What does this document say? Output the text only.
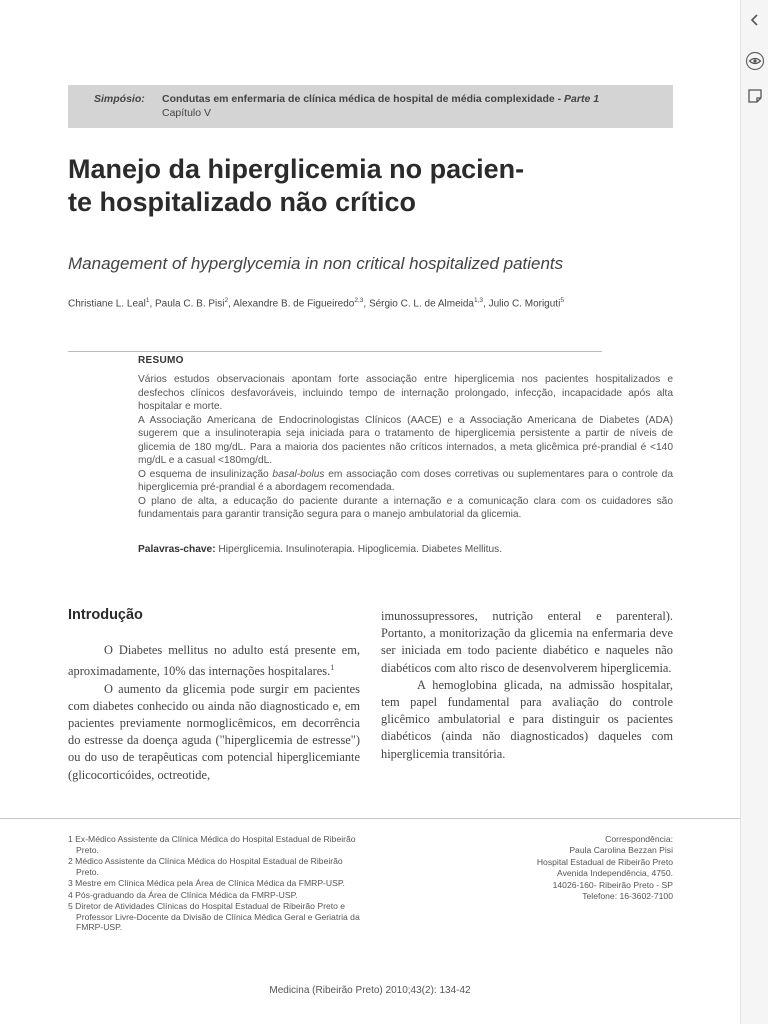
Simpósio: Condutas em enfermaria de clínica médica de hospital de média complexidade - Parte 1
Capítulo V
Manejo da hiperglicemia no pacien-
te hospitalizado não crítico
Management of hyperglycemia in non critical hospitalized patients
Christiane L. Leal$^1$, Paula C. B. Pisi$^2$, Alexandre B. de Figueiredo$^{2,3}$, Sérgio C. L. de Almeida$^{1,3}$, Julio C. Moriguti$^5$
RESUMO

Vários estudos observacionais apontam forte associação entre hiperglicemia nos pacientes hospitalizados e desfechos clínicos desfavoráveis, incluindo tempo de internação prolongado, infecção, incapacidade após alta hospitalar e morte.

A Associação Americana de Endocrinologistas Clínicos (AACE) e a Associação Americana de Diabetes (ADA) sugerem que a insulinoterapia seja iniciada para o tratamento de hiperglicemia persistente a partir de níveis de glicemia de 180 mg/dL. Para a maioria dos pacientes não críticos internados, a meta glicêmica pré-prandial é <140 mg/dL e a casual <180mg/dL.

O esquema de insulinização basal-bolus em associação com doses corretivas ou suplementares para o controle da hiperglicemia pré-prandial é a abordagem recomendada.

O plano de alta, a educação do paciente durante a internação e a comunicação clara com os cuidadores são fundamentais para garantir transição segura para o manejo ambulatorial da glicemia.

Palavras-chave: Hiperglicemia. Insulinoterapia. Hipoglicemia. Diabetes Mellitus.
Introdução

O Diabetes mellitus no adulto está presente em, aproximadamente, 10% das internações hospitalares.$^1$

O aumento da glicemia pode surgir em pacientes com diabetes conhecido ou ainda não diagnosticado e, em pacientes previamente normoglicêmicos, em decorrência do estresse da doença aguda ("hiperglicemia de estresse") ou do uso de terapêuticas com potencial hiperglicemiante (glicocorticóides, octreotide,

imunossupressores, nutrição enteral e parenteral). Portanto, a monitorização da glicemia na enfermaria deve ser iniciada em todo paciente diabético e naqueles não diabéticos com alto risco de desenvolverem hiperglicemia.

A hemoglobina glicada, na admissão hospitalar, tem papel fundamental para avaliação do controle glicêmico ambulatorial e para distinguir os pacientes diabéticos (ainda não diagnosticados) daqueles com hiperglicemia transitória.

1 Ex-Médico Assistente da Clínica Médica do Hospital Estadual de Ribeirão Preto.
2 Médico Assistente da Clínica Médica do Hospital Estadual de Ribeirão Preto.
3 Mestre em Clínica Médica pela Área de Clínica Médica da FMRP-USP.
4 Pós-graduando da Área de Clínica Médica da FMRP-USP.
5 Diretor de Atividades Clínicas do Hospital Estadual de Ribeirão Preto e Professor Livre-Docente da Divisão de Clínica Médica Geral e Geriatria da FMRP-USP.
Correspondência:
Paula Carolina Bezzan Pisi
Hospital Estadual de Ribeirão Preto
Avenida Independência, 4750.
14026-160- Ribeirão Preto - SP
Telefone: 16-3602-7100
Medicina (Ribeirão Preto) 2010;43(2): 134-42
